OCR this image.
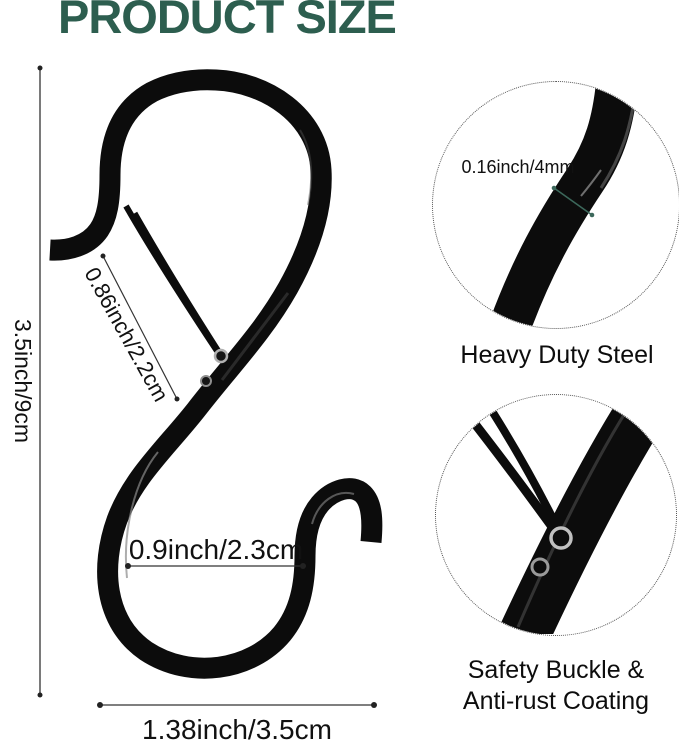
PRODUCT SIZE
3.5inch/9cm 0.86inch/2.2cm
0.9inch/2.3cm
1.38inch/3.5cm
0.16inch/4mm
Heavy Duty Steel
Safety Buckle &
Anti-rust Coating
